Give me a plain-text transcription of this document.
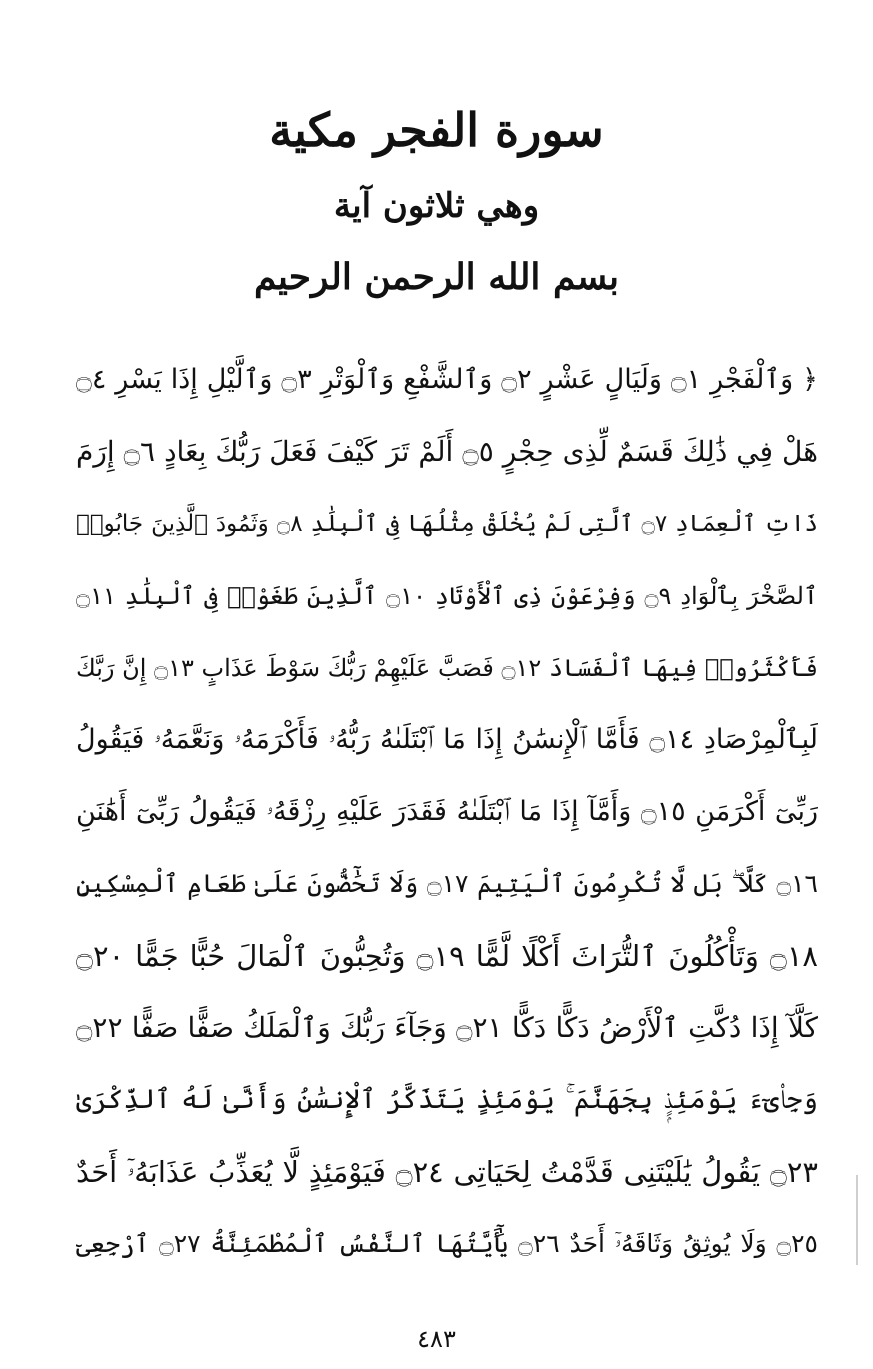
سورة الفجر مكية
وهي ثلاثون آية
بسم الله الرحمن الرحيم
﴿ وَٱلْفَجْرِ ۝١ وَلَيَالٍ عَشْرٍ ۝٢ وَٱلشَّفْعِ وَٱلْوَتْرِ ۝٣ وَٱلَّيْلِ إِذَا يَسْرِ ۝٤
هَلْ فِي ذَٰلِكَ قَسَمٌ لِّذِى حِجْرٍ ۝٥ أَلَمْ تَرَ كَيْفَ فَعَلَ رَبُّكَ بِعَادٍ ۝٦ إِرَمَ
ذَاتِ ٱلْعِمَادِ ۝٧ ٱلَّتِى لَمْ يُخْلَقْ مِثْلُهَا فِى ٱلْبِلَٰدِ ۝٨ وَثَمُودَ ٱلَّذِينَ جَابُوا۟
ٱلصَّخْرَ بِٱلْوَادِ ۝٩ وَفِرْعَوْنَ ذِى ٱلْأَوْتَادِ ۝١٠ ٱلَّذِينَ طَغَوْا۟ فِى ٱلْبِلَٰدِ ۝١١
فَأَكْثَرُوا۟ فِيهَا ٱلْفَسَادَ ۝١٢ فَصَبَّ عَلَيْهِمْ رَبُّكَ سَوْطَ عَذَابٍ ۝١٣ إِنَّ رَبَّكَ
لَبِٱلْمِرْصَادِ ۝١٤ فَأَمَّا ٱلْإِنسَٰنُ إِذَا مَا ٱبْتَلَىٰهُ رَبُّهُۥ فَأَكْرَمَهُۥ وَنَعَّمَهُۥ فَيَقُولُ
رَبِّىٓ أَكْرَمَنِ ۝١٥ وَأَمَّآ إِذَا مَا ٱبْتَلَىٰهُ فَقَدَرَ عَلَيْهِ رِزْقَهُۥ فَيَقُولُ رَبِّىٓ أَهَٰنَنِ
۝١٦ كَلَّا ۖ بَل لَّا تُكْرِمُونَ ٱلْيَتِيمَ ۝١٧ وَلَا تَحَٰٓضُّونَ عَلَىٰ طَعَامِ ٱلْمِسْكِينِ
۝١٨ وَتَأْكُلُونَ ٱلتُّرَاثَ أَكْلًا لَّمًّا ۝١٩ وَتُحِبُّونَ ٱلْمَالَ حُبًّا جَمًّا ۝٢٠
كَلَّآ إِذَا دُكَّتِ ٱلْأَرْضُ دَكًّا دَكًّا ۝٢١ وَجَآءَ رَبُّكَ وَٱلْمَلَكُ صَفًّا صَفًّا ۝٢٢
وَجِا۟ىٓءَ يَوْمَئِذٍۭ بِجَهَنَّمَ ۚ يَوْمَئِذٍ يَتَذَكَّرُ ٱلْإِنسَٰنُ وَأَنَّىٰ لَهُ ٱلذِّكْرَىٰ
۝٢٣ يَقُولُ يَٰلَيْتَنِى قَدَّمْتُ لِحَيَاتِى ۝٢٤ فَيَوْمَئِذٍ لَّا يُعَذِّبُ عَذَابَهُۥٓ أَحَدٌ
۝٢٥ وَلَا يُوثِقُ وَثَاقَهُۥٓ أَحَدٌ ۝٢٦ يَٰٓأَيَّتُهَا ٱلنَّفْسُ ٱلْمُطْمَئِنَّةُ ۝٢٧ ٱرْجِعِىٓ
٤٨٣
